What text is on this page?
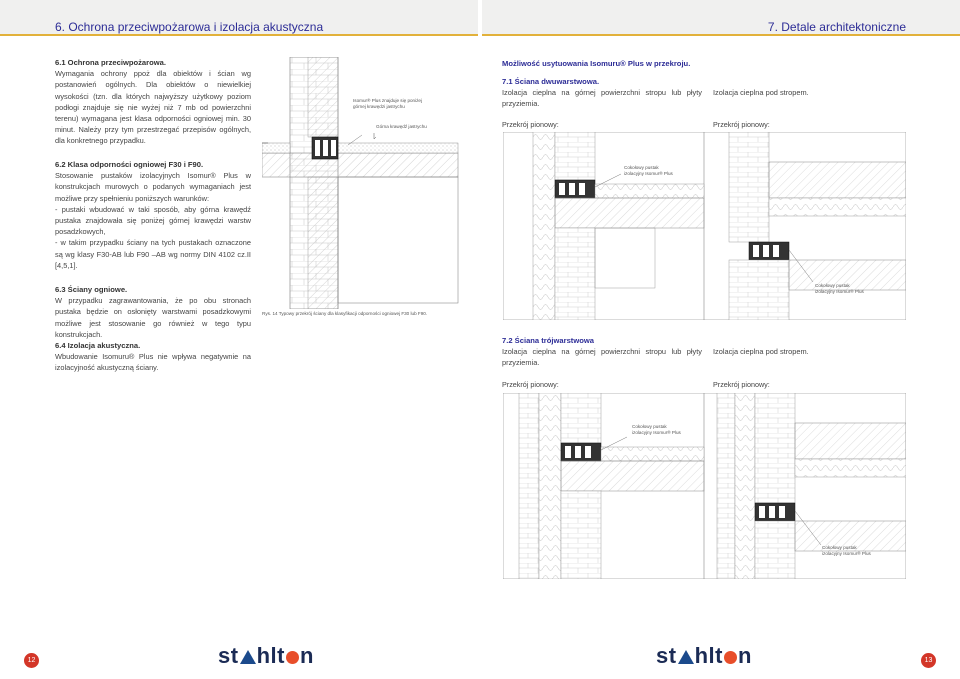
6. Ochrona przeciwpożarowa i izolacja akustyczna	7. Detale architektoniczne
6.1 Ochrona przeciwpożarowa.

Wymagania ochrony ppoż dla obiektów i ścian wg postanowień ogólnych. Dla obiektów o niewielkiej wysokości (tzn. dla których najwyższy użytkowy poziom podłogi znajduje się nie wyżej niż 7 mb od powierzchni terenu) wymagana jest klasa odporności ogniowej min. 30 minut. Należy przy tym przestrzegać przepisów ogólnych, dla konkretnego przypadku.

6.2 Klasa odporności ogniowej F30 i F90.

Stosowanie pustaków izolacyjnych Isomur® Plus w konstrukcjach murowych o podanych wymaganiach jest możliwe przy spełnieniu poniższych warunków:

- pustaki wbudować w taki sposób, aby górna krawędź pustaka znajdowała się poniżej górnej krawędzi warstw posadzkowych,

- w takim przypadku ściany na tych pustakach oznaczone są wg klasy F30-AB lub F90 –AB wg normy DIN 4102 cz.II [4,5,1].

6.3 Ściany ogniowe.

W przypadku zagrawantowania, że po obu stronach pustaka będzie on osłonięty warstwami posadzkowymi możliwe jest stosowanie go również w tego typu konstrukcjach.

6.4 Izolacja akustyczna.

Wbudowanie Isomuru® Plus nie wpływa negatywnie na izolacyjność akustyczną ściany.

Isomur® Plus znajduje się poniżej górnej krawędzi jastrychu
Górna krawędź jastrychu
Rys. 14 Typowy przekrój ściany dla klasyfikacji odporności ogniowej F30 lub F90.
Możliwość usytuowania Isomuru® Plus w przekroju.
7.1 Ściana dwuwarstwowa.

Izolacja cieplna na górnej powierzchni stropu lub płyty przyziemia.

Izolacja cieplna pod stropem.

Przekrój pionowy:	Przekrój pionowy:
7.2 Ściana trójwarstwowa

Izolacja cieplna na górnej powierzchni stropu lub płyty przyziemia.

Izolacja cieplna pod stropem.

Przekrój pionowy:	Przekrój pionowy:
Cokołowy pustak
izolacyjny Isomur® Plus
Cokołowy pustak
izolacyjny Isomur® Plus
Cokołowy pustak
izolacyjny Isomur® Plus
Cokołowy pustak
izolacyjny Isomur® Plus
12	13
st hlt n	st hlt n
